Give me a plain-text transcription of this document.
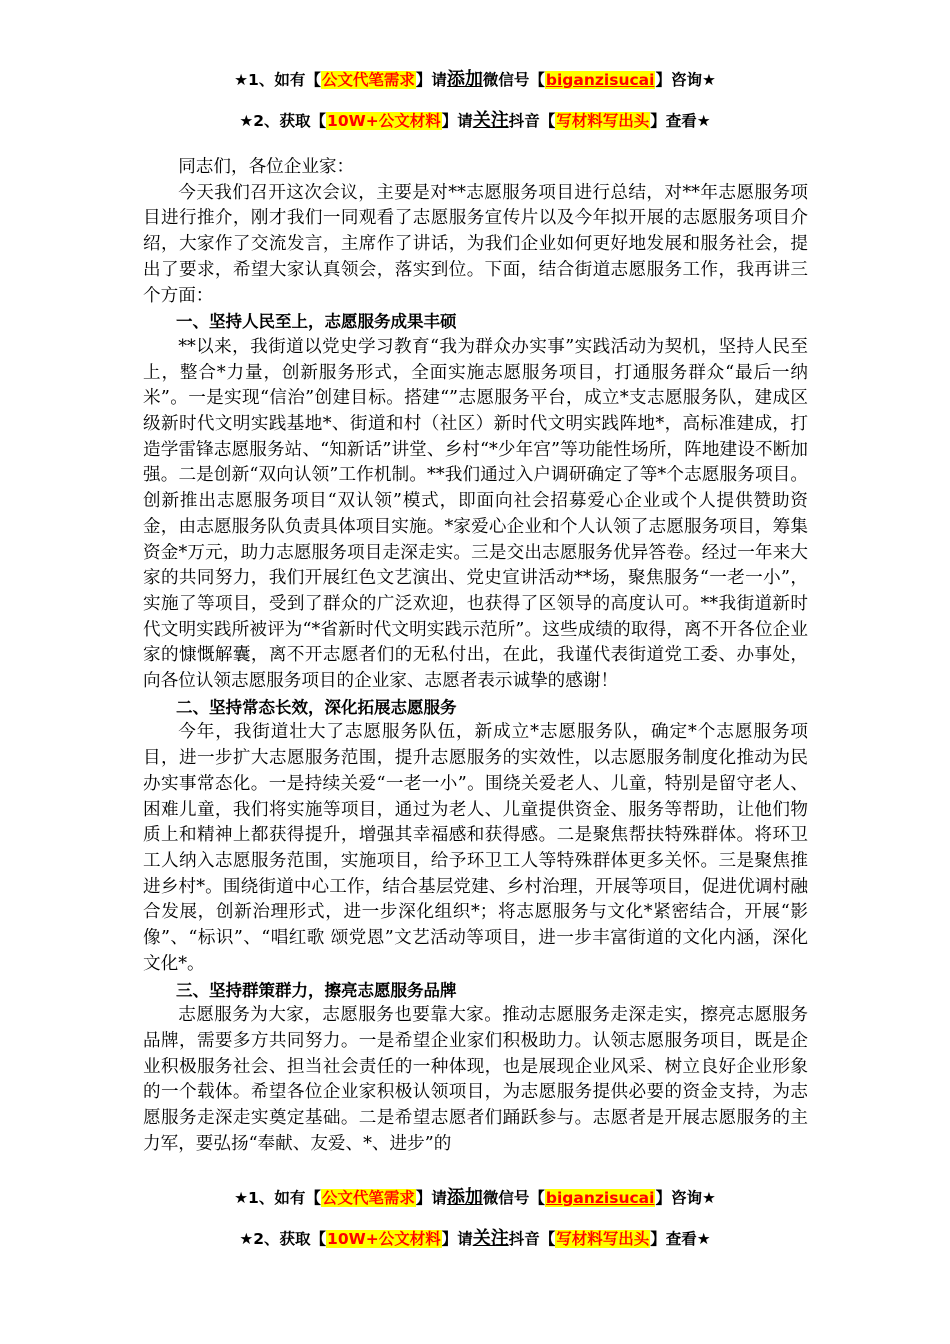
★1、如有【公文代笔需求】请添加微信号【biganzisucai】咨询★
★2、获取【10W+公文材料】请关注抖音【写材料写出头】查看★

同志们，各位企业家：

今天我们召开这次会议，主要是对**志愿服务项目进行总结，对**年志愿服务项目进行推介，刚才我们一同观看了志愿服务宣传片以及今年拟开展的志愿服务项目介绍，大家作了交流发言，主席作了讲话，为我们企业如何更好地发展和服务社会，提出了要求，希望大家认真领会，落实到位。下面，结合街道志愿服务工作，我再讲三个方面：

一、坚持人民至上，志愿服务成果丰硕

**以来，我街道以党史学习教育“我为群众办实事”实践活动为契机，坚持人民至上，整合*力量，创新服务形式，全面实施志愿服务项目，打通服务群众“最后一纳米”。一是实现“信治”创建目标。搭建“”志愿服务平台，成立*支志愿服务队，建成区级新时代文明实践基地*、街道和村（社区）新时代文明实践阵地*，高标准建成，打造学雷锋志愿服务站、“知新话”讲堂、乡村“*少年宫”等功能性场所，阵地建设不断加强。二是创新“双向认领”工作机制。**我们通过入户调研确定了等*个志愿服务项目。创新推出志愿服务项目“双认领”模式，即面向社会招募爱心企业或个人提供赞助资金，由志愿服务队负责具体项目实施。*家爱心企业和个人认领了志愿服务项目，筹集资金*万元，助力志愿服务项目走深走实。三是交出志愿服务优异答卷。经过一年来大家的共同努力，我们开展红色文艺演出、党史宣讲活动**场，聚焦服务“一老一小”，实施了等项目，受到了群众的广泛欢迎，也获得了区领导的高度认可。**我街道新时代文明实践所被评为“*省新时代文明实践示范所”。这些成绩的取得，离不开各位企业家的慷慨解囊，离不开志愿者们的无私付出，在此，我谨代表街道党工委、办事处，向各位认领志愿服务项目的企业家、志愿者表示诚挚的感谢！

二、坚持常态长效，深化拓展志愿服务

今年，我街道壮大了志愿服务队伍，新成立*志愿服务队，确定*个志愿服务项目，进一步扩大志愿服务范围，提升志愿服务的实效性，以志愿服务制度化推动为民办实事常态化。一是持续关爱“一老一小”。围绕关爱老人、儿童，特别是留守老人、困难儿童，我们将实施等项目，通过为老人、儿童提供资金、服务等帮助，让他们物质上和精神上都获得提升，增强其幸福感和获得感。二是聚焦帮扶特殊群体。将环卫工人纳入志愿服务范围，实施项目，给予环卫工人等特殊群体更多关怀。三是聚焦推进乡村*。围绕街道中心工作，结合基层党建、乡村治理，开展等项目，促进优调村融合发展，创新治理形式，进一步深化组织*；将志愿服务与文化*紧密结合，开展“影像”、“标识”、“唱红歌 颂党恩”文艺活动等项目，进一步丰富街道的文化内涵，深化文化*。

三、坚持群策群力，擦亮志愿服务品牌

志愿服务为大家，志愿服务也要靠大家。推动志愿服务走深走实，擦亮志愿服务品牌，需要多方共同努力。一是希望企业家们积极助力。认领志愿服务项目，既是企业积极服务社会、担当社会责任的一种体现，也是展现企业风采、树立良好企业形象的一个载体。希望各位企业家积极认领项目，为志愿服务提供必要的资金支持，为志愿服务走深走实奠定基础。二是希望志愿者们踊跃参与。志愿者是开展志愿服务的主力军，要弘扬“奉献、友爱、*、进步”的

★1、如有【公文代笔需求】请添加微信号【biganzisucai】咨询★
★2、获取【10W+公文材料】请关注抖音【写材料写出头】查看★
